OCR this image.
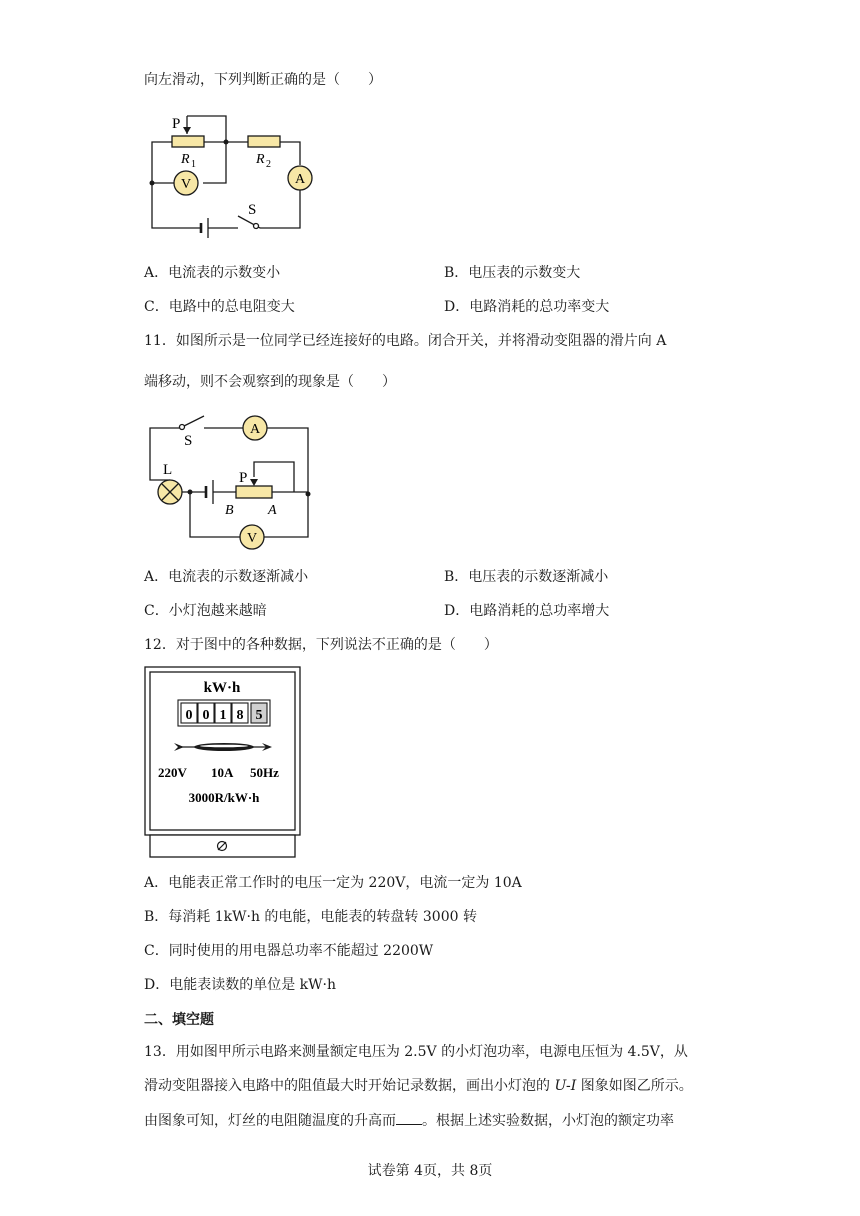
向左滑动，下列判断正确的是（　　）
P
R 1	R 2
V	A
S
A．电流表的示数变小	B．电压表的示数变大
C．电路中的总电阻变大	D．电路消耗的总功率变大
11．如图所示是一位同学已经连接好的电路。闭合开关，并将滑动变阻器的滑片向 A
端移动，则不会观察到的现象是（　　）
S
A
L	P
B A
V
A．电流表的示数逐渐减小	B．电压表的示数逐渐减小
C．小灯泡越来越暗	D．电路消耗的总功率增大
12．对于图中的各种数据，下列说法不正确的是（　　）
kW·h
0 0 1 8 5
220V 10A 50Hz
3000R/kW·h
A．电能表正常工作时的电压一定为 220V，电流一定为 10A
B．每消耗 1kW·h 的电能，电能表的转盘转 3000 转
C．同时使用的用电器总功率不能超过 2200W
D．电能表读数的单位是 kW·h
二、填空题
13．用如图甲所示电路来测量额定电压为 2.5V 的小灯泡功率，电源电压恒为 4.5V，从
滑动变阻器接入电路中的阻值最大时开始记录数据，画出小灯泡的 U-I 图象如图乙所示。
由图象可知，灯丝的电阻随温度的升高而 。根据上述实验数据，小灯泡的额定功率
试卷第 4页，共 8页
